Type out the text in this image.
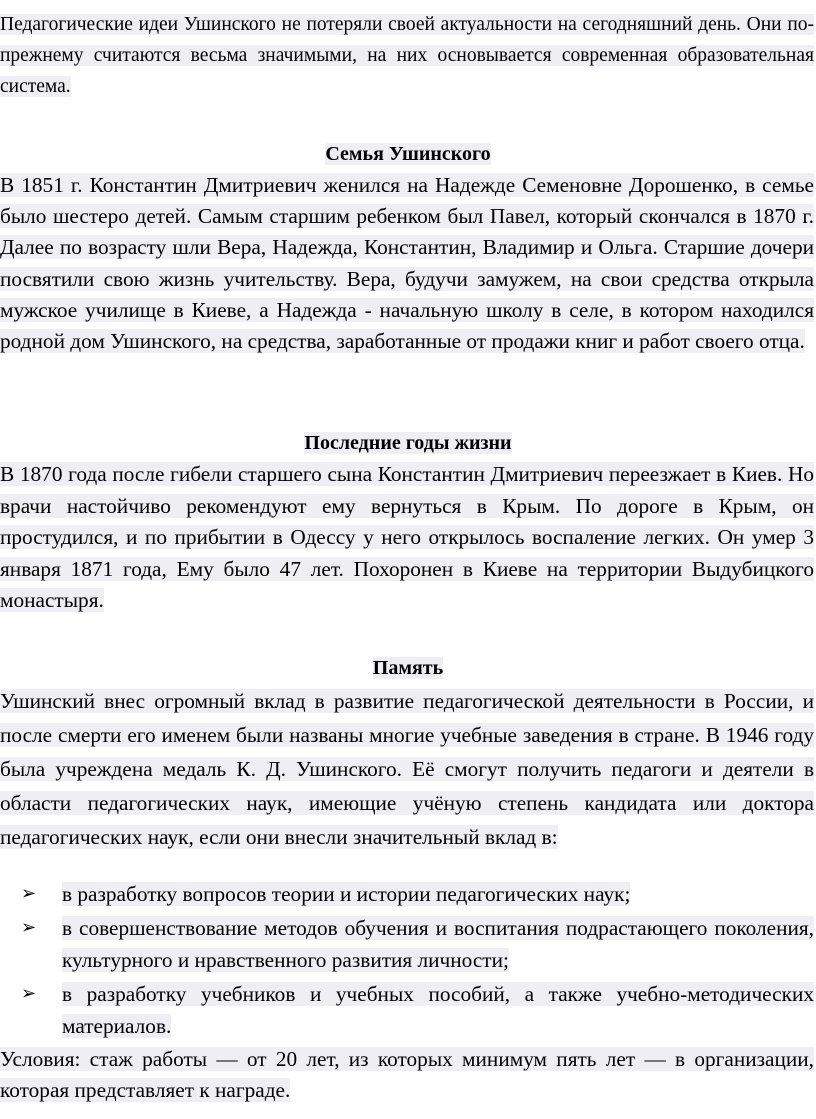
Педагогические идеи Ушинского не потеряли своей актуальности на сегодняшний день. Они по-прежнему считаются весьма значимыми, на них основывается современная образовательная система.

Семья Ушинского

В 1851 г. Константин Дмитриевич женился на Надежде Семеновне Дорошенко, в семье было шестеро детей. Самым старшим ребенком был Павел, который скончался в 1870 г. Далее по возрасту шли Вера, Надежда, Константин, Владимир и Ольга. Старшие дочери посвятили свою жизнь учительству. Вера, будучи замужем, на свои средства открыла мужское училище в Киеве, а Надежда - начальную школу в селе, в котором находился родной дом Ушинского, на средства, заработанные от продажи книг и работ своего отца.

Последние годы жизни

В 1870 года после гибели старшего сына Константин Дмитриевич переезжает в Киев. Но врачи настойчиво рекомендуют ему вернуться в Крым. По дороге в Крым, он простудился, и по прибытии в Одессу у него открылось воспаление легких. Он умер 3 января 1871 года, Ему было 47 лет. Похоронен в Киеве на территории Выдубицкого монастыря.

Память

Ушинский внес огромный вклад в развитие педагогической деятельности в России, и после смерти его именем были названы многие учебные заведения в стране. В 1946 году была учреждена медаль К. Д. Ушинского. Её смогут получить педагоги и деятели в области педагогических наук, имеющие учёную степень кандидата или доктора педагогических наук, если они внесли значительный вклад в:

➢	в разработку вопросов теории и истории педагогических наук;
➢	в совершенствование методов обучения и воспитания подрастающего поколения, культурного и нравственного развития личности;
➢	в разработку учебников и учебных пособий, а также учебно-методических материалов.

Условия: стаж работы — от 20 лет, из которых минимум пять лет — в организации, которая представляет к награде.
